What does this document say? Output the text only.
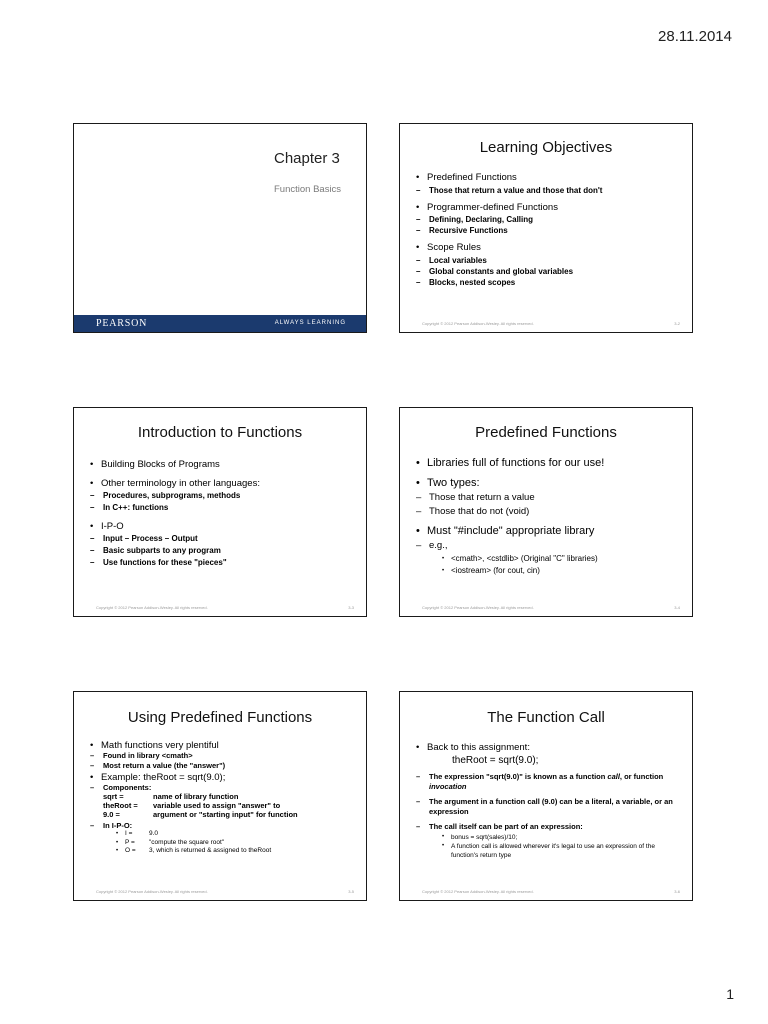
28.11.2014
Chapter 3
Function Basics
PEARSON	ALWAYS LEARNING
Learning Objectives
• Predefined Functions
– Those that return a value and those that don't
• Programmer-defined Functions
– Defining, Declaring, Calling
– Recursive Functions
• Scope Rules
– Local variables
– Global constants and global variables
– Blocks, nested scopes
Copyright © 2012 Pearson Addison-Wesley. All rights reserved.	3-2
Introduction to Functions
• Building Blocks of Programs
• Other terminology in other languages:
– Procedures, subprograms, methods
– In C++: functions
• I-P-O
– Input – Process – Output
– Basic subparts to any program
– Use functions for these "pieces"
Copyright © 2012 Pearson Addison-Wesley. All rights reserved.	3-3
Predefined Functions
• Libraries full of functions for our use!
• Two types:
– Those that return a value
– Those that do not (void)
• Must "#include" appropriate library
– e.g.,
• <cmath>, <cstdlib> (Original "C" libraries)
• <iostream> (for cout, cin)
Copyright © 2012 Pearson Addison-Wesley. All rights reserved.	3-4
Using Predefined Functions
• Math functions very plentiful
– Found in library <cmath>
– Most return a value (the "answer")
• Example: theRoot = sqrt(9.0);
– Components:
sqrt =	name of library function
theRoot = variable used to assign "answer" to
9.0 =	argument or "starting input" for function
– In I-P-O:
• I =	9.0
• P = "compute the square root"
• O = 3, which is returned & assigned to theRoot
Copyright © 2012 Pearson Addison-Wesley. All rights reserved.	3-5
The Function Call
• Back to this assignment:
theRoot = sqrt(9.0);
– The expression "sqrt(9.0)" is known as a function call, or function invocation
– The argument in a function call (9.0) can be a literal, a variable, or an expression
– The call itself can be part of an expression:
• bonus = sqrt(sales)/10;
• A function call is allowed wherever it's legal to use an expression of the function's return type
Copyright © 2012 Pearson Addison-Wesley. All rights reserved.	3-6
1
